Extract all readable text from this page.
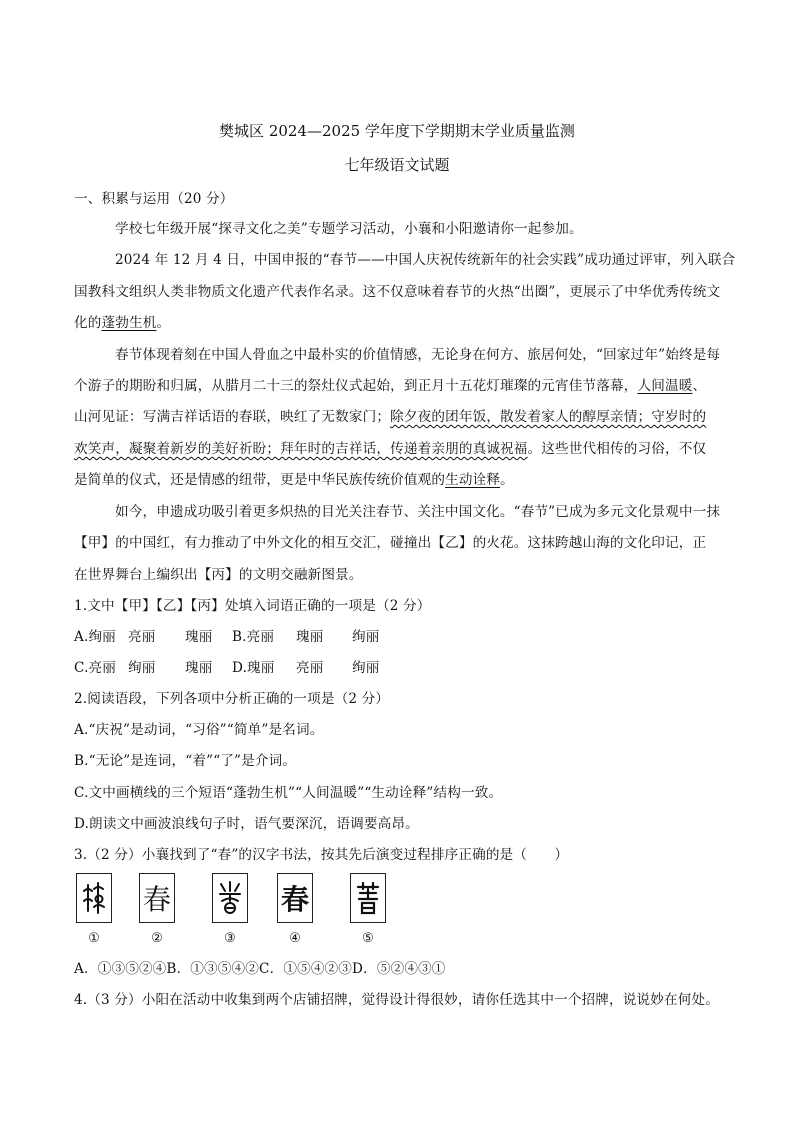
樊城区 2024—2025 学年度下学期期末学业质量监测
七年级语文试题
一、积累与运用（20 分）
学校七年级开展“探寻文化之美”专题学习活动，小襄和小阳邀请你一起参加。
2024 年 12 月 4 日，中国申报的“春节——中国人庆祝传统新年的社会实践”成功通过评审，列入联合
国教科文组织人类非物质文化遗产代表作名录。这不仅意味着春节的火热“出圈”，更展示了中华优秀传统文
化的蓬勃生机。
春节体现着刻在中国人骨血之中最朴实的价值情感，无论身在何方、旅居何处，“回家过年”始终是每
个游子的期盼和归属，从腊月二十三的祭灶仪式起始，到正月十五花灯璀璨的元宵佳节落幕，人间温暖、
山河见证：写满吉祥话语的春联，映红了无数家门；除夕夜的团年饭，散发着家人的醇厚亲情；守岁时的
欢笑声，凝聚着新岁的美好祈盼；拜年时的吉祥话，传递着亲朋的真诚祝福。这些世代相传的习俗，不仅
是简单的仪式，还是情感的纽带，更是中华民族传统价值观的生动诠释。
如今，申遗成功吸引着更多炽热的目光关注春节、关注中国文化。“春节”已成为多元文化景观中一抹
【甲】的中国红，有力推动了中外文化的相互交汇，碰撞出【乙】的火花。这抹跨越山海的文化印记，正
在世界舞台上编织出【丙】的文明交融新图景。
1.文中【甲】【乙】【丙】处填入词语正确的一项是（2 分）
A.绚丽 亮丽 瑰丽 B.亮丽 瑰丽 绚丽
C.亮丽 绚丽 瑰丽 D.瑰丽 亮丽 绚丽
2.阅读语段，下列各项中分析正确的一项是（2 分）
A.“庆祝”是动词，“习俗”“简单”是名词。
B.“无论”是连词，“着”“了”是介词。
C.文中画横线的三个短语“蓬勃生机”“人间温暖”“生动诠释”结构一致。
D.朗读文中画波浪线句子时，语气要深沉，语调要高昂。
3.（2 分）小襄找到了“春”的汉字书法，按其先后演变过程排序正确的是（　　）
春	春
①	②	③	④	⑤
A．①③⑤②④B．①③⑤④②C．①⑤④②③D．⑤②④③①
4.（3 分）小阳在活动中收集到两个店铺招牌，觉得设计得很妙，请你任选其中一个招牌，说说妙在何处。
